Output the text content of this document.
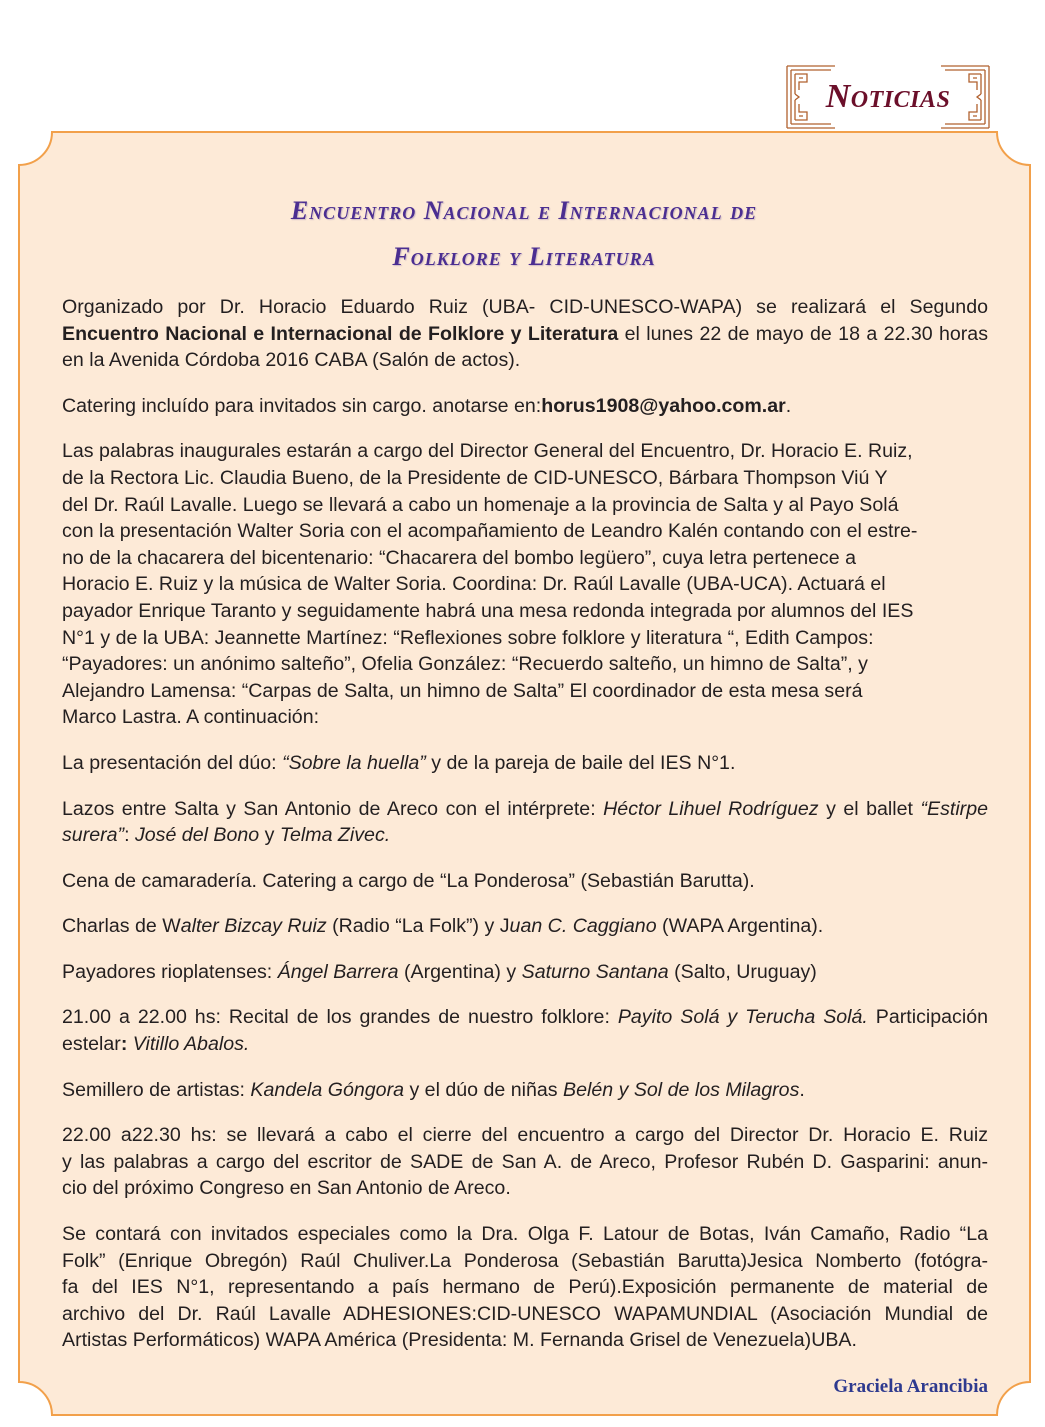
Noticias
Encuentro Nacional e Internacional de
Folklore y Literatura

Organizado por Dr. Horacio Eduardo Ruiz (UBA- CID-UNESCO-WAPA) se realizará el Segundo Encuentro Nacional e Internacional de Folklore y Literatura el lunes 22 de mayo de 18 a 22.30 horas en la Avenida Córdoba 2016 CABA (Salón de actos).

Catering incluído para invitados sin cargo. anotarse en:horus1908@yahoo.com.ar.

Las palabras inaugurales estarán a cargo del Director General del Encuentro, Dr. Horacio E. Ruiz,

de la Rectora Lic. Claudia Bueno, de la Presidente de CID-UNESCO, Bárbara Thompson Viú Y

del Dr. Raúl Lavalle. Luego se llevará a cabo un homenaje a la provincia de Salta y al Payo Solá

con la presentación Walter Soria con el acompañamiento de Leandro Kalén contando con el estre-

no de la chacarera del bicentenario: “Chacarera del bombo legüero”, cuya letra pertenece a

Horacio E. Ruiz y la música de Walter Soria. Coordina: Dr. Raúl Lavalle (UBA-UCA). Actuará el

payador Enrique Taranto y seguidamente habrá una mesa redonda integrada por alumnos del IES

N°1 y de la UBA: Jeannette Martínez: “Reflexiones sobre folklore y literatura “, Edith Campos:

“Payadores: un anónimo salteño”, Ofelia González: “Recuerdo salteño, un himno de Salta”, y

Alejandro Lamensa: “Carpas de Salta, un himno de Salta” El coordinador de esta mesa será

Marco Lastra. A continuación:

La presentación del dúo: “Sobre la huella” y de la pareja de baile del IES N°1.

Lazos entre Salta y San Antonio de Areco con el intérprete: Héctor Lihuel Rodríguez y el ballet “Estirpe surera”: José del Bono y Telma Zivec.

Cena de camaradería. Catering a cargo de “La Ponderosa” (Sebastián Barutta).

Charlas de Walter Bizcay Ruiz (Radio “La Folk”) y Juan C. Caggiano (WAPA Argentina).

Payadores rioplatenses: Ángel Barrera (Argentina) y Saturno Santana (Salto, Uruguay)

21.00 a 22.00 hs: Recital de los grandes de nuestro folklore: Payito Solá y Terucha Solá. Participación estelar: Vitillo Abalos.

Semillero de artistas: Kandela Góngora y el dúo de niñas Belén y Sol de los Milagros.

22.00 a22.30 hs: se llevará a cabo el cierre del encuentro a cargo del Director Dr. Horacio E. Ruiz

y las palabras a cargo del escritor de SADE de San A. de Areco, Profesor Rubén D. Gasparini: anun-

cio del próximo Congreso en San Antonio de Areco.

Se contará con invitados especiales como la Dra. Olga F. Latour de Botas, Iván Camaño, Radio “La

Folk” (Enrique Obregón) Raúl Chuliver.La Ponderosa (Sebastián Barutta)Jesica Nomberto (fotógra-

fa del IES N°1, representando a país hermano de Perú).Exposición permanente de material de

archivo del Dr. Raúl Lavalle ADHESIONES:CID-UNESCO WAPAMUNDIAL (Asociación Mundial de

Artistas Performáticos) WAPA América (Presidenta: M. Fernanda Grisel de Venezuela)UBA.

Graciela Arancibia
